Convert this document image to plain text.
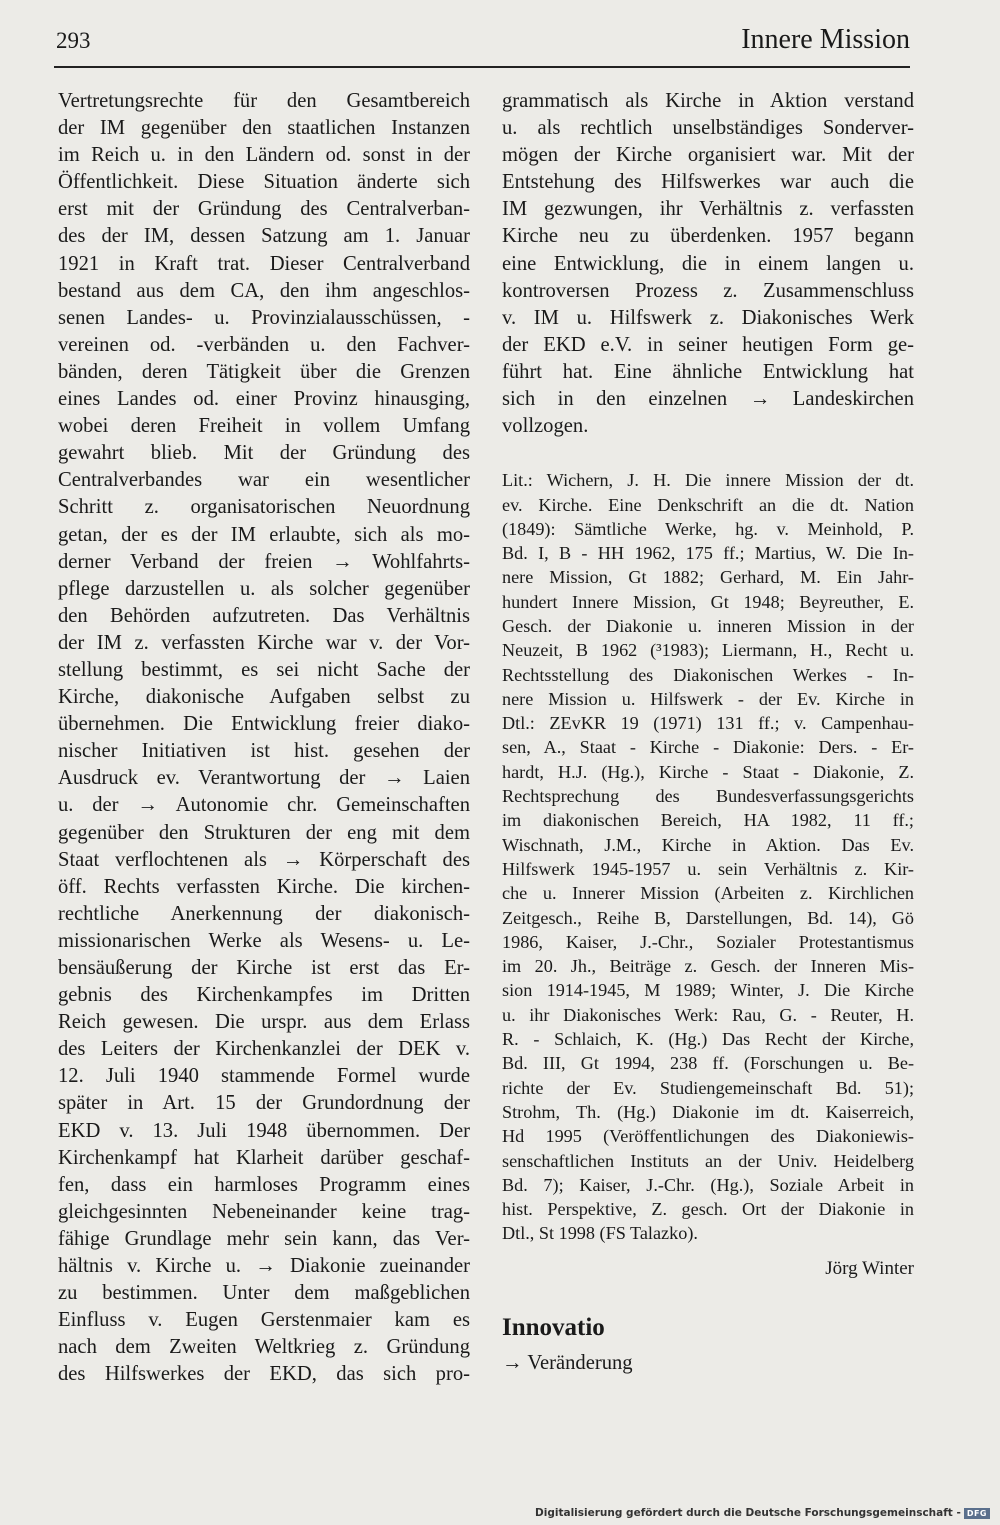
293	Innere Mission
Vertretungsrechte für den Gesamtbereich
der IM gegenüber den staatlichen Instanzen
im Reich u. in den Ländern od. sonst in der
Öffentlichkeit. Diese Situation änderte sich
erst mit der Gründung des Centralverban-
des der IM, dessen Satzung am 1. Januar
1921 in Kraft trat. Dieser Centralverband
bestand aus dem CA, den ihm angeschlos-
senen Landes- u. Provinzialausschüssen, -
vereinen od. -verbänden u. den Fachver-
bänden, deren Tätigkeit über die Grenzen
eines Landes od. einer Provinz hinausging,
wobei deren Freiheit in vollem Umfang
gewahrt blieb. Mit der Gründung des
Centralverbandes war ein wesentlicher
Schritt z. organisatorischen Neuordnung
getan, der es der IM erlaubte, sich als mo-
derner Verband der freien → Wohlfahrts-
pflege darzustellen u. als solcher gegenüber
den Behörden aufzutreten. Das Verhältnis
der IM z. verfassten Kirche war v. der Vor-
stellung bestimmt, es sei nicht Sache der
Kirche, diakonische Aufgaben selbst zu
übernehmen. Die Entwicklung freier diako-
nischer Initiativen ist hist. gesehen der
Ausdruck ev. Verantwortung der → Laien
u. der → Autonomie chr. Gemeinschaften
gegenüber den Strukturen der eng mit dem
Staat verflochtenen als → Körperschaft des
öff. Rechts verfassten Kirche. Die kirchen-
rechtliche Anerkennung der diakonisch-
missionarischen Werke als Wesens- u. Le-
bensäußerung der Kirche ist erst das Er-
gebnis des Kirchenkampfes im Dritten
Reich gewesen. Die urspr. aus dem Erlass
des Leiters der Kirchenkanzlei der DEK v.
12. Juli 1940 stammende Formel wurde
später in Art. 15 der Grundordnung der
EKD v. 13. Juli 1948 übernommen. Der
Kirchenkampf hat Klarheit darüber geschaf-
fen, dass ein harmloses Programm eines
gleichgesinnten Nebeneinander keine trag-
fähige Grundlage mehr sein kann, das Ver-
hältnis v. Kirche u. → Diakonie zueinander
zu bestimmen. Unter dem maßgeblichen
Einfluss v. Eugen Gerstenmaier kam es
nach dem Zweiten Weltkrieg z. Gründung
des Hilfswerkes der EKD, das sich pro-
grammatisch als Kirche in Aktion verstand
u. als rechtlich unselbständiges Sonderver-
mögen der Kirche organisiert war. Mit der
Entstehung des Hilfswerkes war auch die
IM gezwungen, ihr Verhältnis z. verfassten
Kirche neu zu überdenken. 1957 begann
eine Entwicklung, die in einem langen u.
kontroversen Prozess z. Zusammenschluss
v. IM u. Hilfswerk z. Diakonisches Werk
der EKD e.V. in seiner heutigen Form ge-
führt hat. Eine ähnliche Entwicklung hat
sich in den einzelnen → Landeskirchen
vollzogen.
Lit.: Wichern, J. H. Die innere Mission der dt.
ev. Kirche. Eine Denkschrift an die dt. Nation
(1849): Sämtliche Werke, hg. v. Meinhold, P.
Bd. I, B - HH 1962, 175 ff.; Martius, W. Die In-
nere Mission, Gt 1882; Gerhard, M. Ein Jahr-
hundert Innere Mission, Gt 1948; Beyreuther, E.
Gesch. der Diakonie u. inneren Mission in der
Neuzeit, B 1962 (³1983); Liermann, H., Recht u.
Rechtsstellung des Diakonischen Werkes - In-
nere Mission u. Hilfswerk - der Ev. Kirche in
Dtl.: ZEvKR 19 (1971) 131 ff.; v. Campenhau-
sen, A., Staat - Kirche - Diakonie: Ders. - Er-
hardt, H.J. (Hg.), Kirche - Staat - Diakonie, Z.
Rechtsprechung des Bundesverfassungsgerichts
im diakonischen Bereich, HA 1982, 11 ff.;
Wischnath, J.M., Kirche in Aktion. Das Ev.
Hilfswerk 1945-1957 u. sein Verhältnis z. Kir-
che u. Innerer Mission (Arbeiten z. Kirchlichen
Zeitgesch., Reihe B, Darstellungen, Bd. 14), Gö
1986, Kaiser, J.-Chr., Sozialer Protestantismus
im 20. Jh., Beiträge z. Gesch. der Inneren Mis-
sion 1914-1945, M 1989; Winter, J. Die Kirche
u. ihr Diakonisches Werk: Rau, G. - Reuter, H.
R. - Schlaich, K. (Hg.) Das Recht der Kirche,
Bd. III, Gt 1994, 238 ff. (Forschungen u. Be-
richte der Ev. Studiengemeinschaft Bd. 51);
Strohm, Th. (Hg.) Diakonie im dt. Kaiserreich,
Hd 1995 (Veröffentlichungen des Diakoniewis-
senschaftlichen Instituts an der Univ. Heidelberg
Bd. 7); Kaiser, J.-Chr. (Hg.), Soziale Arbeit in
hist. Perspektive, Z. gesch. Ort der Diakonie in
Dtl., St 1998 (FS Talazko).
Jörg Winter
Innovatio
→ Veränderung
Digitalisierung gefördert durch die Deutsche Forschungsgemeinschaft - DFG
